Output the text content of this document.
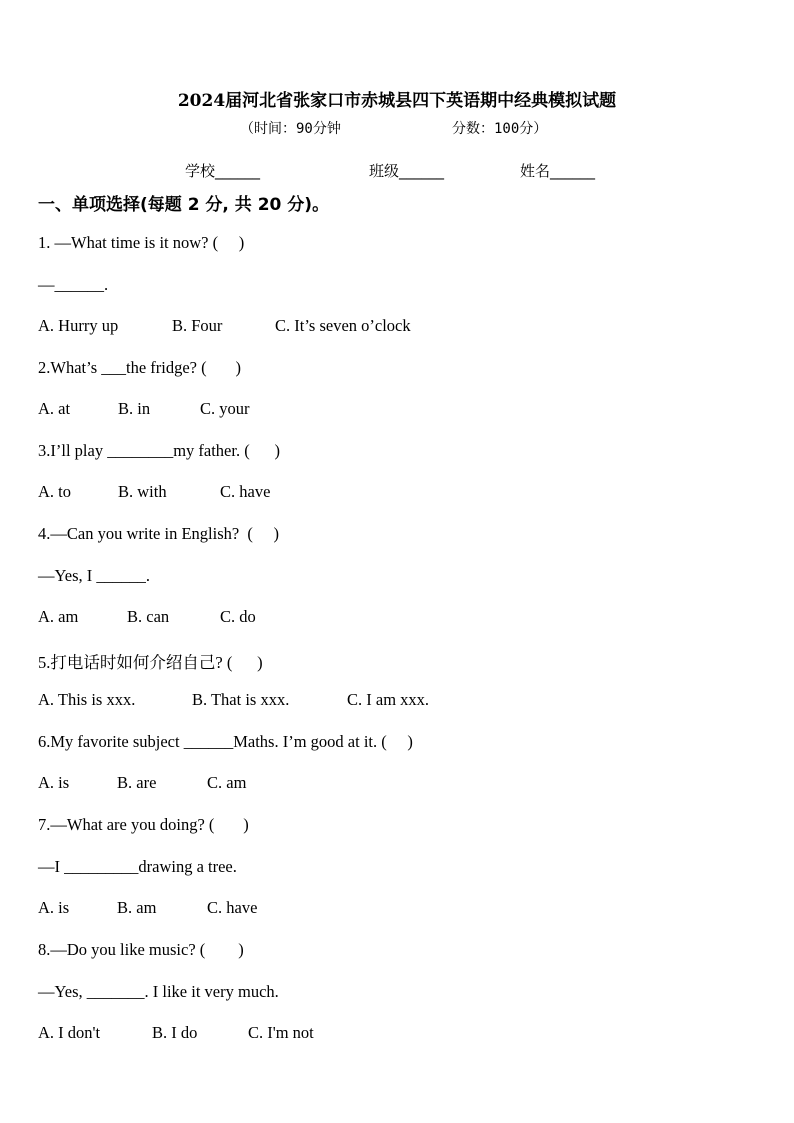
2024届河北省张家口市赤城县四下英语期中经典模拟试题
（时间：90分钟	分数：100分）
学校______	班级______	姓名______
一、单项选择(每题 2 分, 共 20 分)。
1. —What time is it now? (     )
—______.
A. Hurry up	B. Four	C. It’s seven o’clock
2.What’s ___the fridge? (       )
A. at	B. in	C. your
3.I’ll play ________my father. (      )
A. to	B. with	C. have
4.—Can you write in English?  (     )
—Yes, I ______.
A. am	B. can	C. do
5.打电话时如何介绍自己? (      )
A. This is xxx.	B. That is xxx.	C. I am xxx.
6.My favorite subject ______Maths. I’m good at it. (     )
A. is	B. are	C. am
7.—What are you doing? (       )
—I _________drawing a tree.
A. is	B. am	C. have
8.—Do you like music? (        )
—Yes, _______. I like it very much.
A. I don't	B. I do	C. I'm not
